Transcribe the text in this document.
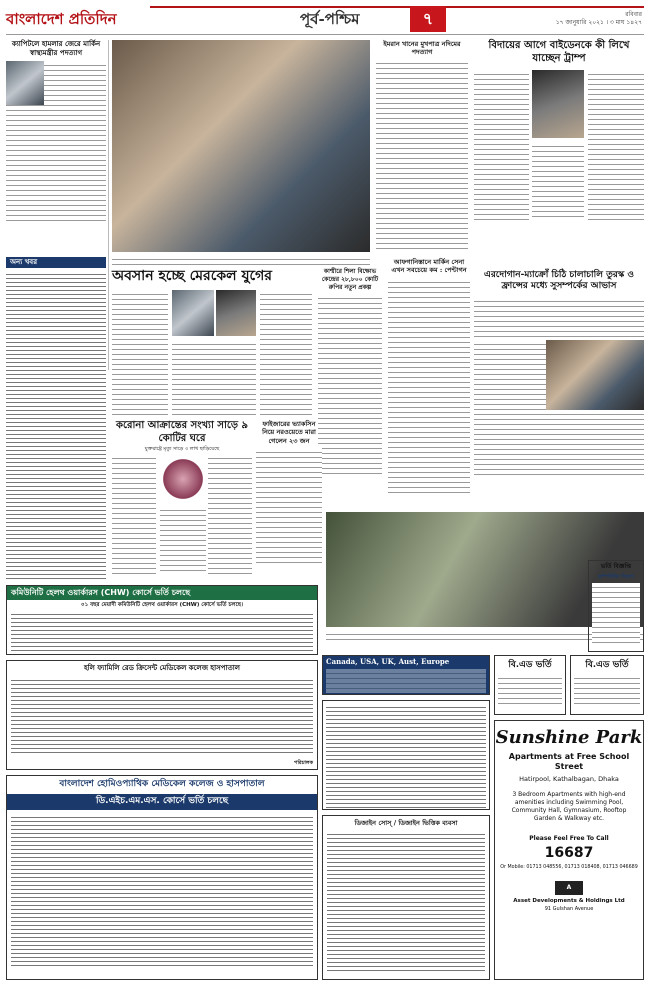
বাংলাদেশ প্রতিদিন	পূর্ব-পশ্চিম	৭	রবিবার
১৭ জানুয়ারি ২০২১ । ৩ মাঘ ১৪২৭
ক্যাপিটলে হামলার জেরে মার্কিন স্বাস্থ্যমন্ত্রীর পদত্যাগ
অন্য খবর
ইমরান খানের মুখপাত্র নদিমের পদত্যাগ
বিদায়ের আগে বাইডেনকে কী লিখে যাচ্ছেন ট্রাম্প
এরদোগান-ম্যাক্রোঁ চিঠি চালাচালি তুরস্ক ও ফ্রান্সের মধ্যে সুসম্পর্কের আভাস
অবসান হচ্ছে মেরকেল যুগের	কাশ্মীরে শিলা বিক্ষোভ কেন্দ্রের ২৮,৮০০ কোটি রুপির নতুন প্রকল্প
আফগানিস্তানে মার্কিন সেনা এখন সবচেয়ে কম : পেন্টাগন
করোনা আক্রান্তের সংখ্যা সাড়ে ৯ কোটির ঘরে
যুক্তরাষ্ট্রে মৃত্যু সাড়ে ৩ লাখ ছাড়িয়েছে
ফাইজারের ভ্যাকসিন নিয়ে নরওয়েতে মারা গেলেন ২৩ জন
কমিউনিটি হেলথ ওয়ার্কারস (CHW) কোর্সে ভর্তি চলছে
০১ বছর মেয়াদী কমিউনিটি হেলথ ওয়ার্কারস (CHW) কোর্সে ভর্তি চলছে।
হলি ফ্যামিলি রেড ক্রিসেন্ট মেডিকেল কলেজ হাসপাতাল
পরিচালক
বাংলাদেশ হোমিওপ্যাথিক মেডিকেল কলেজ ও হাসপাতাল
ডি.এইচ.এম.এস. কোর্সে ভর্তি চলছে
Canada, USA, UK, Aust, Europe	বি.এড ভর্তি	বি.এড ভর্তি
Sunshine Park
Apartments at Free School Street
Hatirpool, Kathalbagan, Dhaka
3 Bedroom Apartments with high-end amenities including Swimming Pool, Community Hall, Gymnasium, Rooftop Garden & Walkway etc.
Please Feel Free To Call
16687
Or Mobile: 01713 048556, 01713 018408, 01713 046689
A
Asset Developments & Holdings Ltd
91 Gulshan Avenue
ডিজাইন সোস্‌ / ডিজাইন ভিত্তিক ব্যবসা
ভর্তি বিজ্ঞপ্তি
কম্পিউটার বিভাগ
